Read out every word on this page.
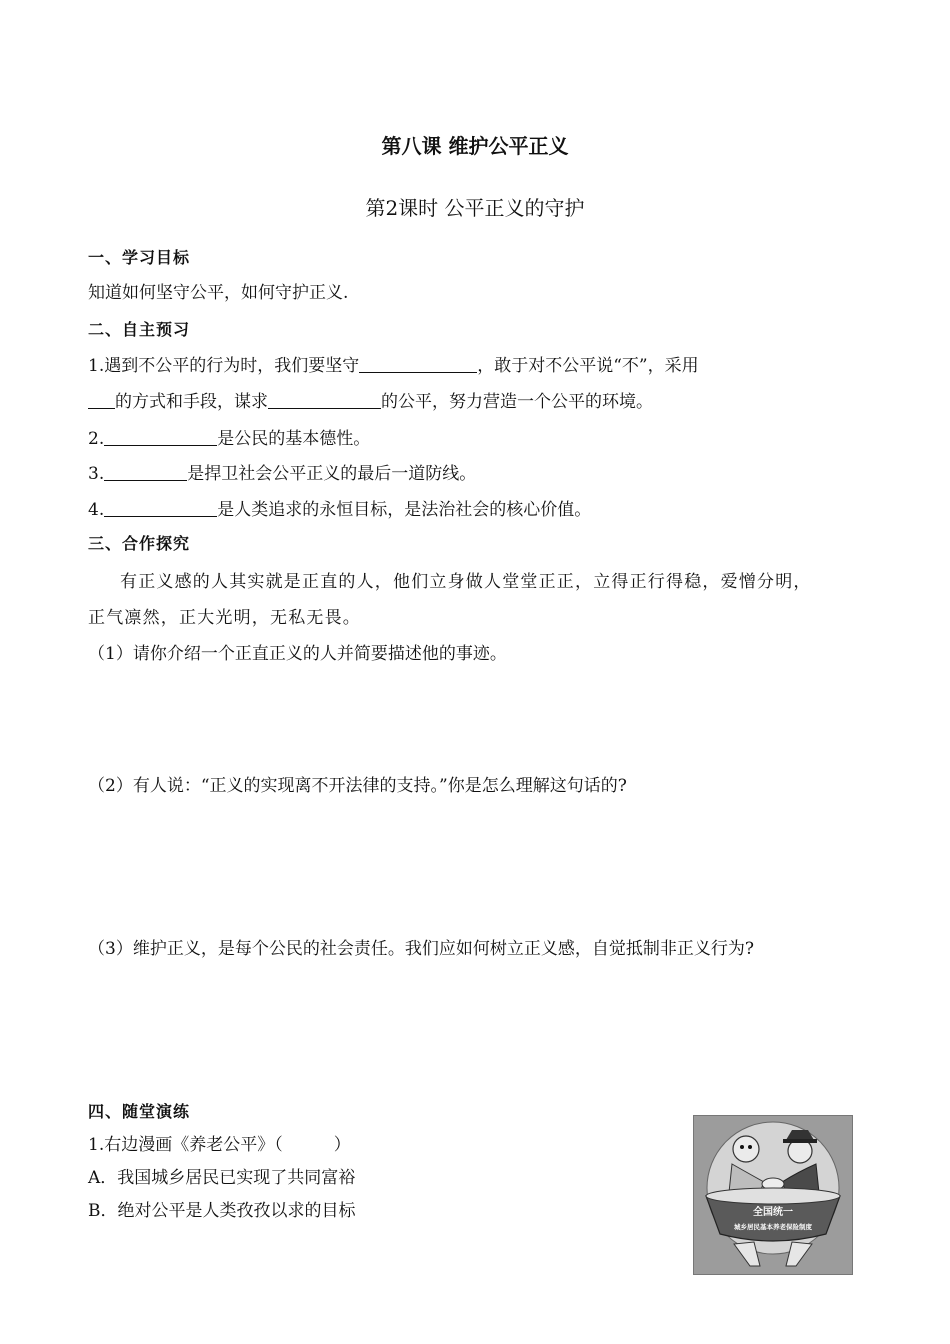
第八课 维护公平正义
第2课时 公平正义的守护
一、学习目标
知道如何坚守公平，如何守护正义.
二、自主预习
1.遇到不公平的行为时，我们要坚守	，敢于对不公平说“不”，采用
的方式和手段，谋求	的公平，努力营造一个公平的环境。
2.	是公民的基本德性。
3.	是捍卫社会公平正义的最后一道防线。
4.	是人类追求的永恒目标，是法治社会的核心价值。
三、合作探究
有正义感的人其实就是正直的人，他们立身做人堂堂正正，立得正行得稳，爱憎分明，
正气凛然，正大光明，无私无畏。
（1）请你介绍一个正直正义的人并简要描述他的事迹。
（2）有人说：“正义的实现离不开法律的支持。”你是怎么理解这句话的?
（3）维护正义，是每个公民的社会责任。我们应如何树立正义感，自觉抵制非正义行为?
四、随堂演练
1.右边漫画《养老公平》（　　　）
A．我国城乡居民已实现了共同富裕
B．绝对公平是人类孜孜以求的目标	全国统一
城乡居民基本养老保险制度
